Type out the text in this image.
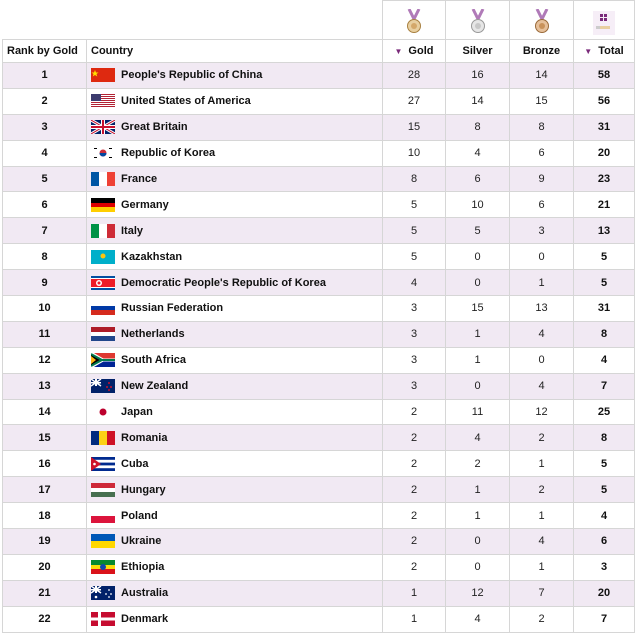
Rank by Gold	Country	▼ Gold	Silver	Bronze	▼ Total
1	People's Republic of China	28	16	14	58
2	United States of America	27	14	15	56
3	Great Britain	15	8	8	31
4	Republic of Korea	10	4	6	20
5	France	8	6	9	23
6	Germany	5	10	6	21
7	Italy	5	5	3	13
8	Kazakhstan	5	0	0	5
9	Democratic People's Republic of Korea	4	0	1	5
10	Russian Federation	3	15	13	31
11	Netherlands	3	1	4	8
12	South Africa	3	1	0	4
13	New Zealand	3	0	4	7
14	Japan	2	11	12	25
15	Romania	2	4	2	8
16	Cuba	2	2	1	5
17	Hungary	2	1	2	5
18	Poland	2	1	1	4
19	Ukraine	2	0	4	6
20	Ethiopia	2	0	1	3
21	Australia	1	12	7	20
22	Denmark	1	4	2	7
